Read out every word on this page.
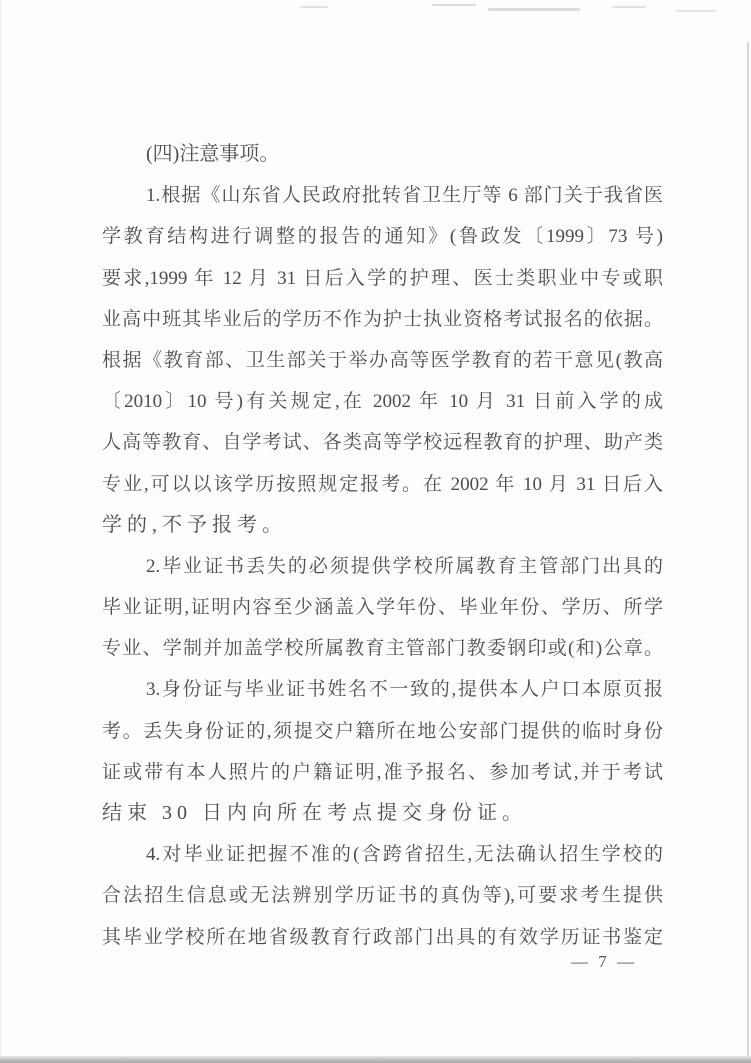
(四)注意事项。
1.根据《山东省人民政府批转省卫生厅等 6 部门关于我省医
学教育结构进行调整的报告的通知》(鲁政发〔1999〕73 号)
要求,1999 年 12 月 31 日后入学的护理、医士类职业中专或职
业高中班其毕业后的学历不作为护士执业资格考试报名的依据。
根据《教育部、卫生部关于举办高等医学教育的若干意见(教高
〔2010〕10 号)有关规定,在 2002 年 10 月 31 日前入学的成
人高等教育、自学考试、各类高等学校远程教育的护理、助产类
专业,可以以该学历按照规定报考。在 2002 年 10 月 31 日后入
学的,不予报考。
2.毕业证书丢失的必须提供学校所属教育主管部门出具的
毕业证明,证明内容至少涵盖入学年份、毕业年份、学历、所学
专业、学制并加盖学校所属教育主管部门教委钢印或(和)公章。
3.身份证与毕业证书姓名不一致的,提供本人户口本原页报
考。丢失身份证的,须提交户籍所在地公安部门提供的临时身份
证或带有本人照片的户籍证明,准予报名、参加考试,并于考试
结束 30 日内向所在考点提交身份证。
4.对毕业证把握不准的(含跨省招生,无法确认招生学校的
合法招生信息或无法辨别学历证书的真伪等),可要求考生提供
其毕业学校所在地省级教育行政部门出具的有效学历证书鉴定
— 7 —
